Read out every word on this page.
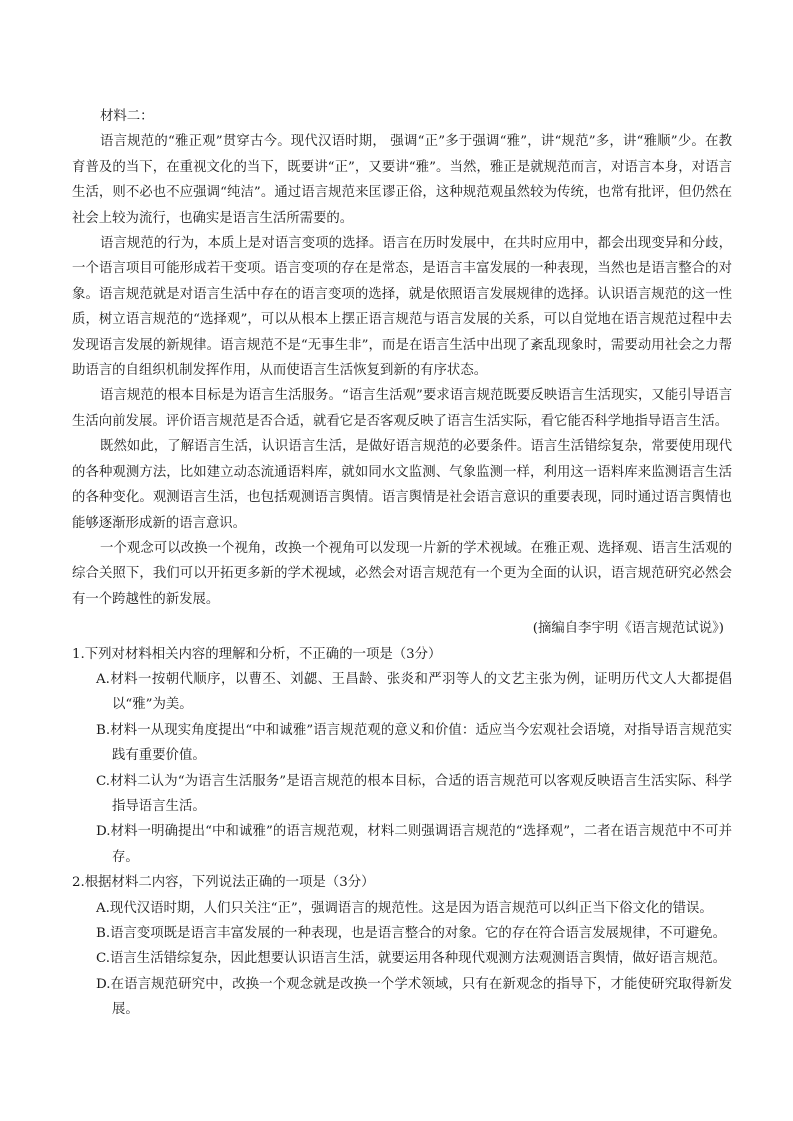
材料二：

语言规范的“雅正观”贯穿古今。现代汉语时期， 强调“正”多于强调“雅”，讲“规范”多，讲“雅顺”少。在教育普及的当下，在重视文化的当下，既要讲“正”，又要讲“雅”。当然，雅正是就规范而言，对语言本身，对语言生活，则不必也不应强调“纯洁”。通过语言规范来匡谬正俗，这种规范观虽然较为传统，也常有批评，但仍然在社会上较为流行，也确实是语言生活所需要的。

语言规范的行为，本质上是对语言变项的选择。语言在历时发展中，在共时应用中，都会出现变异和分歧，一个语言项目可能形成若干变项。语言变项的存在是常态，是语言丰富发展的一种表现，当然也是语言整合的对象。语言规范就是对语言生活中存在的语言变项的选择，就是依照语言发展规律的选择。认识语言规范的这一性质，树立语言规范的“选择观”，可以从根本上摆正语言规范与语言发展的关系，可以自觉地在语言规范过程中去发现语言发展的新规律。语言规范不是“无事生非”，而是在语言生活中出现了紊乱现象时，需要动用社会之力帮助语言的自组织机制发挥作用，从而使语言生活恢复到新的有序状态。

语言规范的根本目标是为语言生活服务。“语言生活观”要求语言规范既要反映语言生活现实，又能引导语言生活向前发展。评价语言规范是否合适，就看它是否客观反映了语言生活实际，看它能否科学地指导语言生活。

既然如此，了解语言生活，认识语言生活，是做好语言规范的必要条件。语言生活错综复杂，常要使用现代的各种观测方法，比如建立动态流通语料库，就如同水文监测、气象监测一样，利用这一语料库来监测语言生活的各种变化。观测语言生活，也包括观测语言舆情。语言舆情是社会语言意识的重要表现，同时通过语言舆情也能够逐渐形成新的语言意识。

一个观念可以改换一个视角，改换一个视角可以发现一片新的学术视域。在雅正观、选择观、语言生活观的综合关照下，我们可以开拓更多新的学术视域，必然会对语言规范有一个更为全面的认识，语言规范研究必然会有一个跨越性的新发展。

(摘编自李宇明《语言规范试说》)

1.下列对材料相关内容的理解和分析，不正确的一项是（3分）

A.材料一按朝代顺序，以曹丕、刘勰、王昌龄、张炎和严羽等人的文艺主张为例，证明历代文人大都提倡以“雅”为美。

B.材料一从现实角度提出“中和诚雅”语言规范观的意义和价值：适应当今宏观社会语境，对指导语言规范实践有重要价值。

C.材料二认为“为语言生活服务”是语言规范的根本目标，合适的语言规范可以客观反映语言生活实际、科学指导语言生活。

D.材料一明确提出“中和诚雅”的语言规范观，材料二则强调语言规范的“选择观”，二者在语言规范中不可并存。

2.根据材料二内容，下列说法正确的一项是（3分）

A.现代汉语时期，人们只关注“正”，强调语言的规范性。这是因为语言规范可以纠正当下俗文化的错误。

B.语言变项既是语言丰富发展的一种表现，也是语言整合的对象。它的存在符合语言发展规律，不可避免。

C.语言生活错综复杂，因此想要认识语言生活，就要运用各种现代观测方法观测语言舆情，做好语言规范。

D.在语言规范研究中，改换一个观念就是改换一个学术领域，只有在新观念的指导下，才能使研究取得新发展。
